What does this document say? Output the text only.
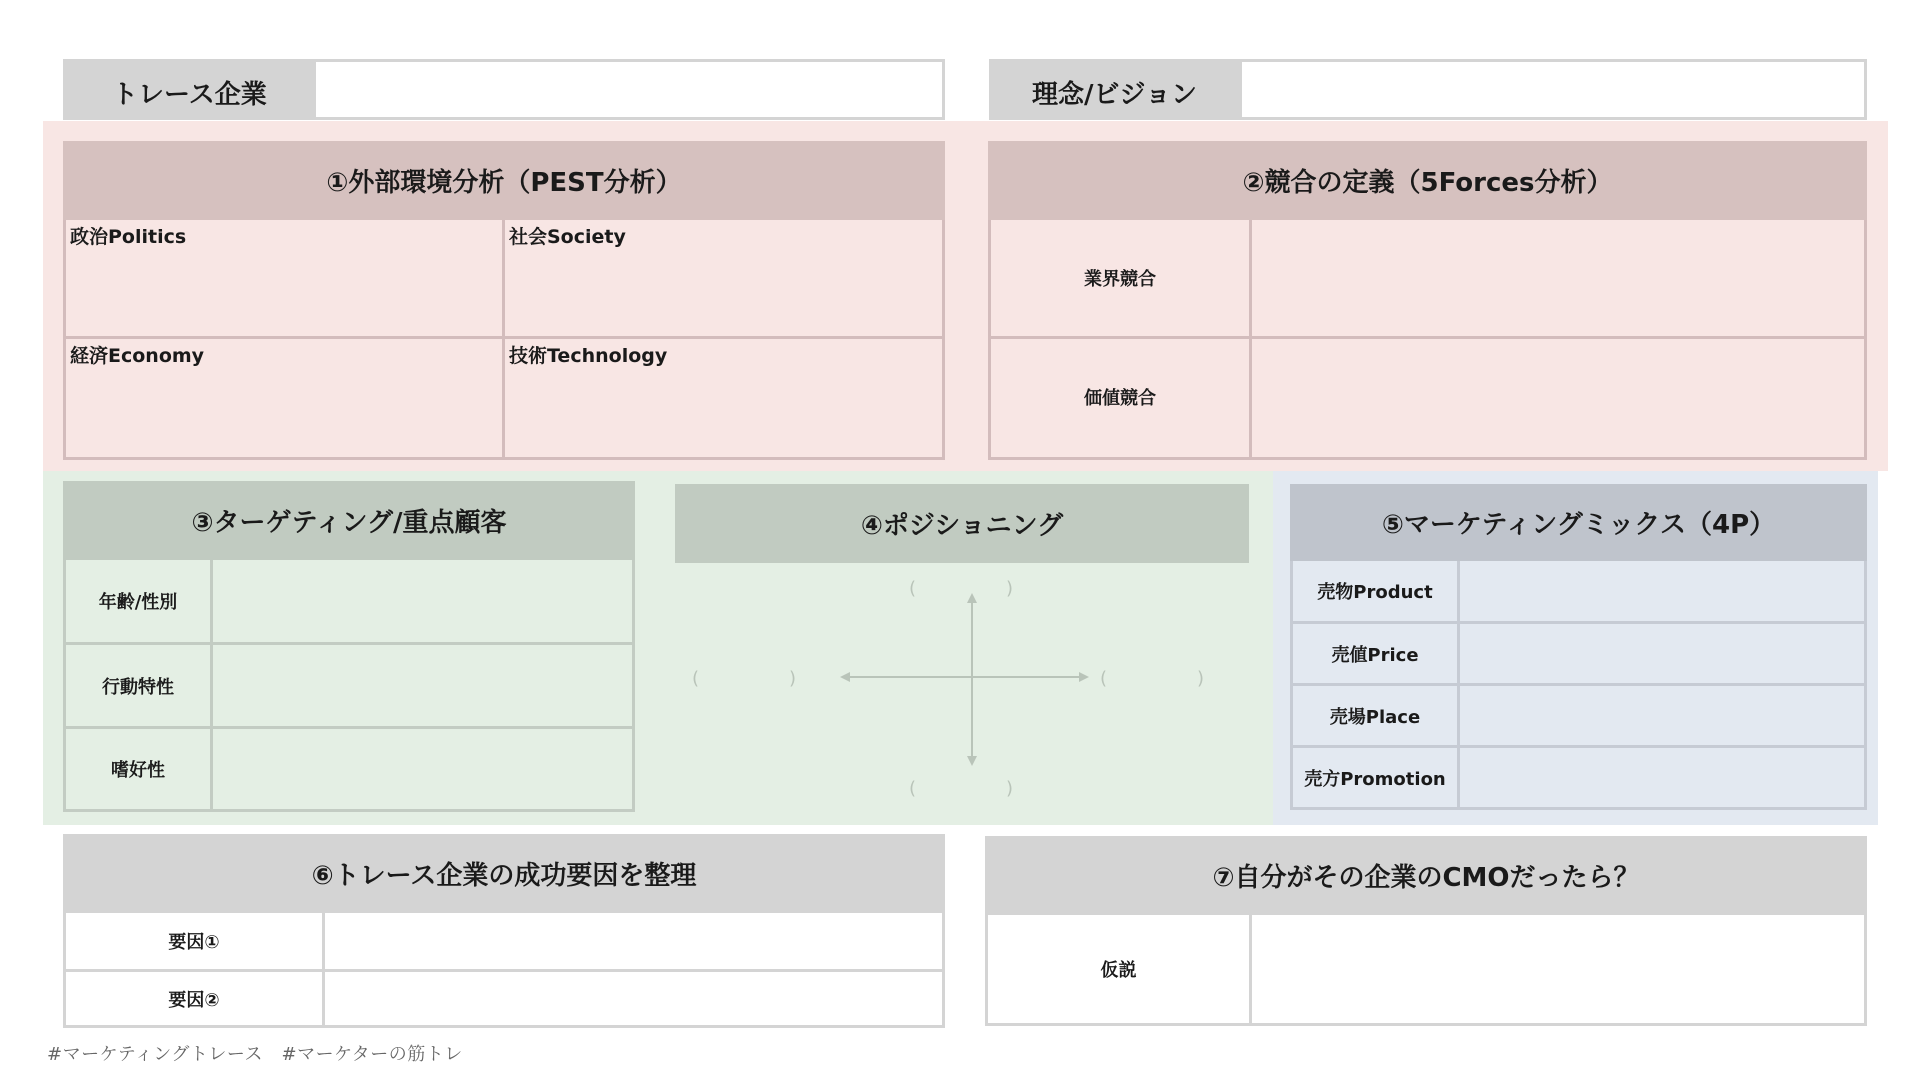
トレース企業	理念/ビジョン
①外部環境分析（PEST分析）
政治Politics	社会Society
経済Economy	技術Technology
②競合の定義（5Forces分析）
業界競合
価値競合
③ターゲティング/重点顧客
年齢/性別
行動特性
嗜好性
④ポジショニング
(　　　　　)
(　　　　　)
(　　　　　)	(　　　　　)
⑤マーケティングミックス（4P）
売物Product
売値Price
売場Place
売方Promotion
⑥トレース企業の成功要因を整理
要因①
要因②
⑦自分がその企業のCMOだったら？
仮説
#マーケティングトレース　#マーケターの筋トレ
